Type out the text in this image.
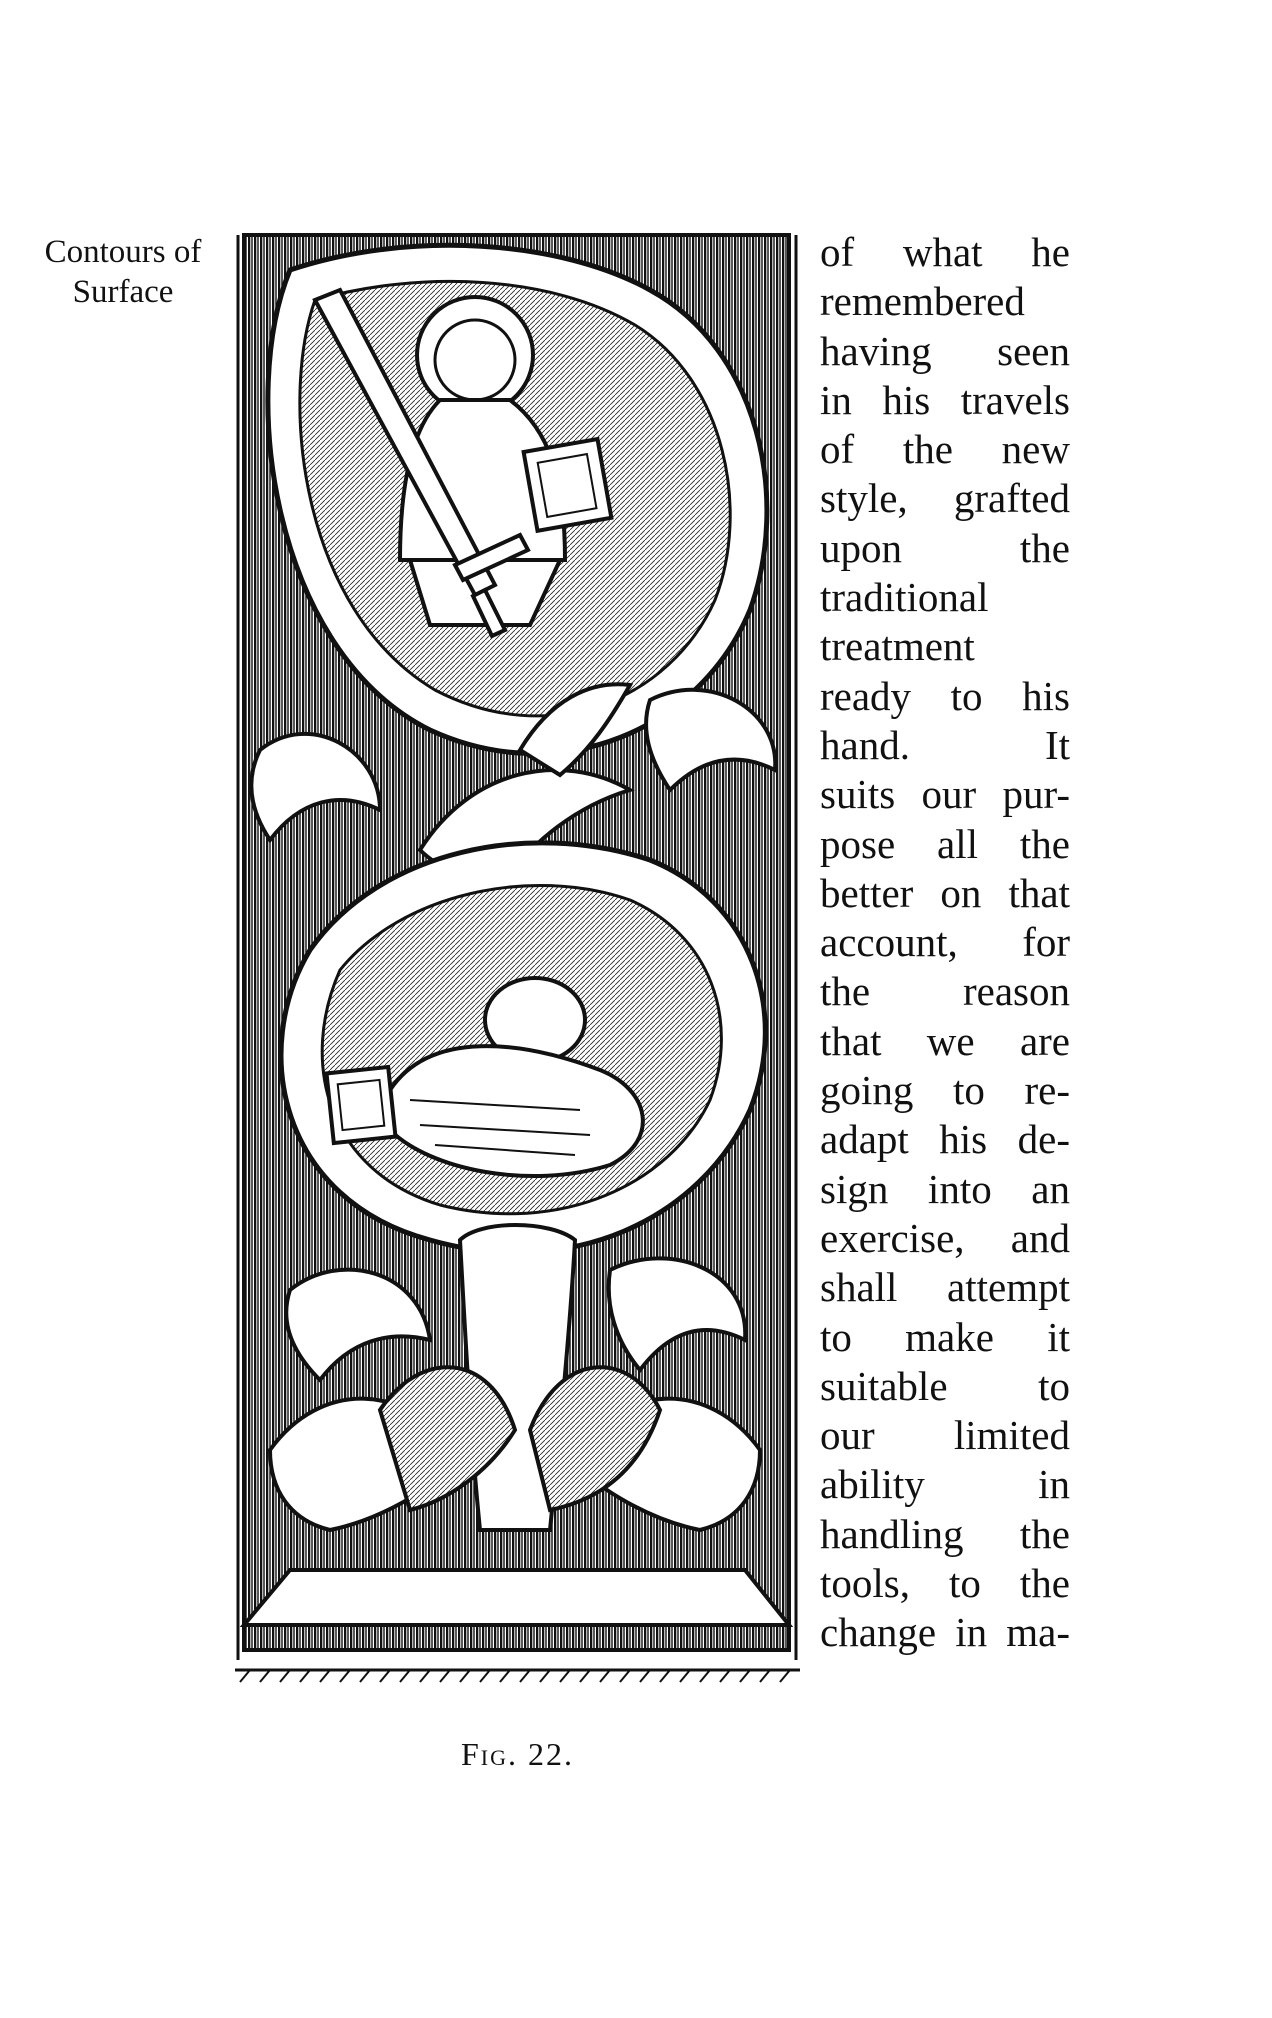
Contours of
Surface
Fig. 22.
of what he
remembered
having seen
in his travels
of the new
style, grafted
upon the
traditional
treatment
ready to his
hand. It
suits our pur-
pose all the
better on that
account, for
the reason
that we are
going to re-
adapt his de-
sign into an
exercise, and
shall attempt
to make it
suitable to
our limited
ability in
handling the
tools, to the
change in ma-
